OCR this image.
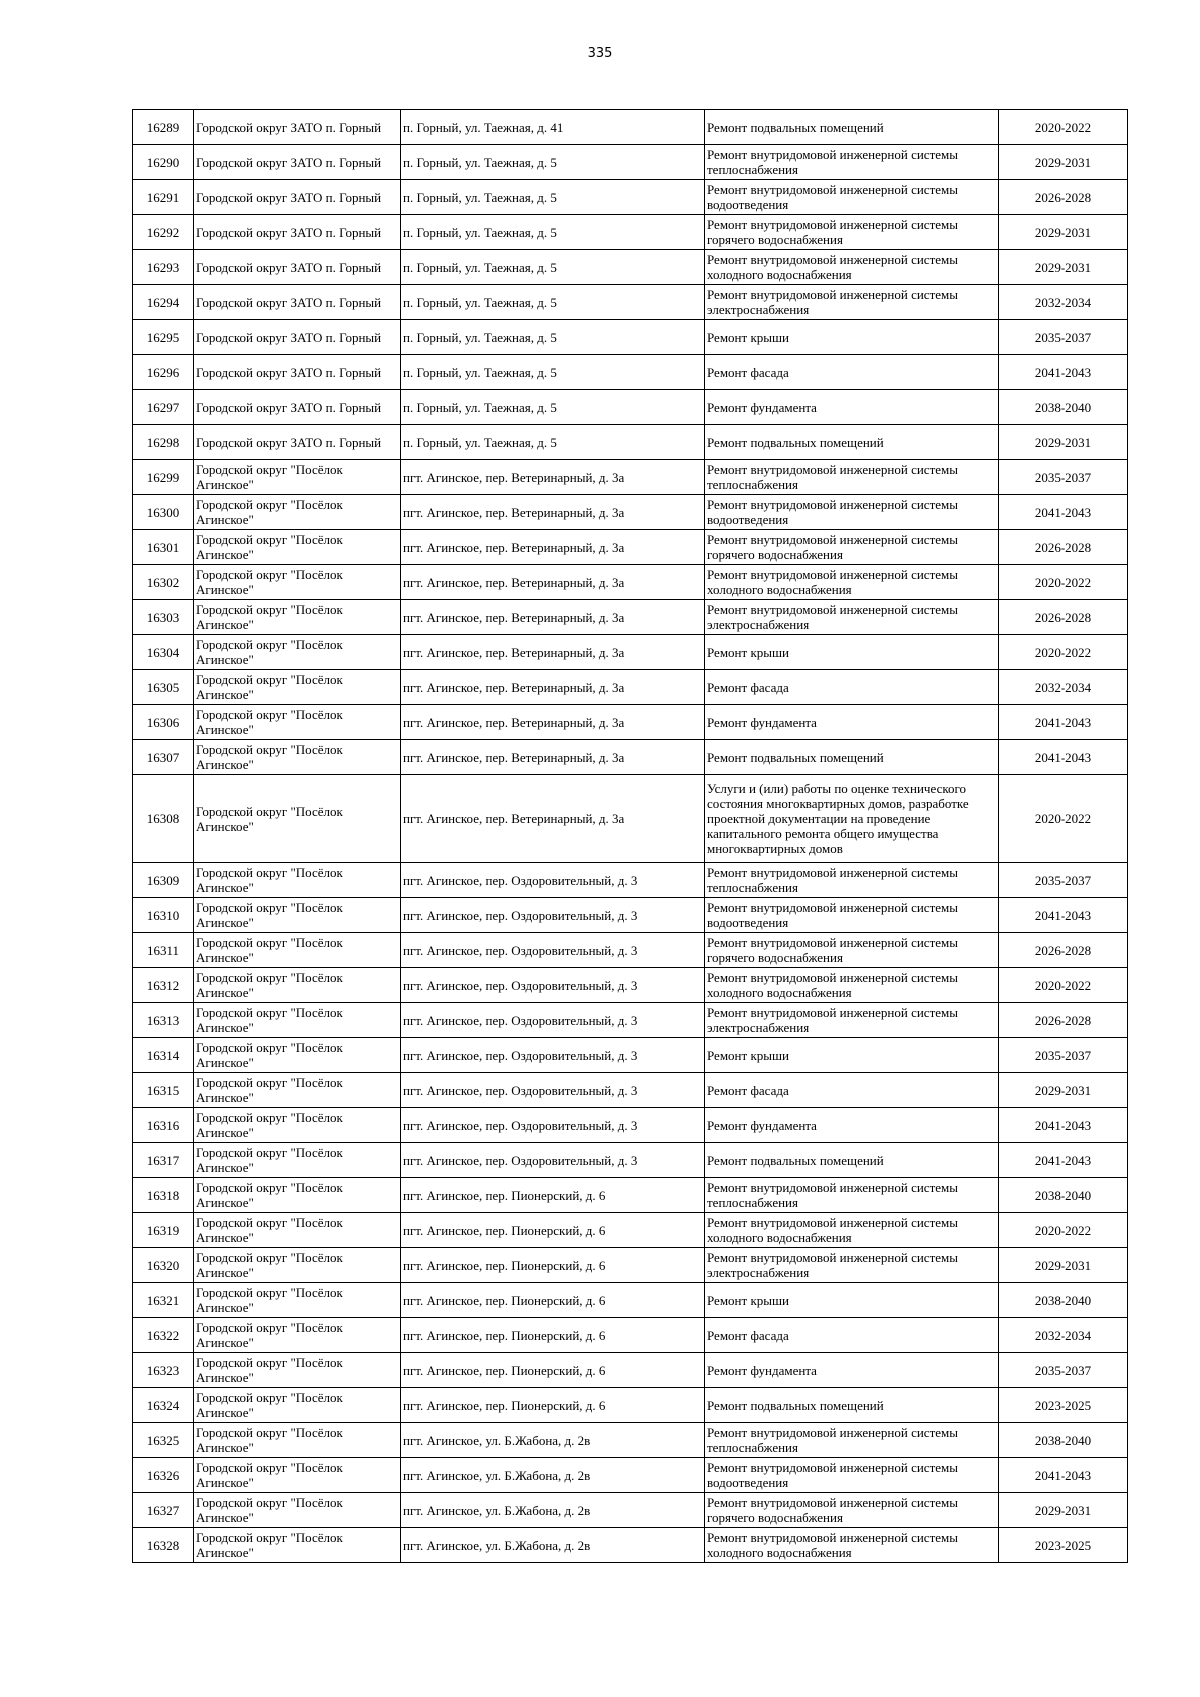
335
16289	Городской округ ЗАТО п. Горный	п. Горный, ул. Таежная, д. 41	Ремонт подвальных помещений	2020-2022
16290	Городской округ ЗАТО п. Горный	п. Горный, ул. Таежная, д. 5	Ремонт внутридомовой инженерной системы теплоснабжения	2029-2031
16291	Городской округ ЗАТО п. Горный	п. Горный, ул. Таежная, д. 5	Ремонт внутридомовой инженерной системы водоотведения	2026-2028
16292	Городской округ ЗАТО п. Горный	п. Горный, ул. Таежная, д. 5	Ремонт внутридомовой инженерной системы горячего водоснабжения	2029-2031
16293	Городской округ ЗАТО п. Горный	п. Горный, ул. Таежная, д. 5	Ремонт внутридомовой инженерной системы холодного водоснабжения	2029-2031
16294	Городской округ ЗАТО п. Горный	п. Горный, ул. Таежная, д. 5	Ремонт внутридомовой инженерной системы электроснабжения	2032-2034
16295	Городской округ ЗАТО п. Горный	п. Горный, ул. Таежная, д. 5	Ремонт крыши	2035-2037
16296	Городской округ ЗАТО п. Горный	п. Горный, ул. Таежная, д. 5	Ремонт фасада	2041-2043
16297	Городской округ ЗАТО п. Горный	п. Горный, ул. Таежная, д. 5	Ремонт фундамента	2038-2040
16298	Городской округ ЗАТО п. Горный	п. Горный, ул. Таежная, д. 5	Ремонт подвальных помещений	2029-2031
16299	Городской округ "Посёлок Агинское"	пгт. Агинское, пер. Ветеринарный, д. 3а	Ремонт внутридомовой инженерной системы теплоснабжения	2035-2037
16300	Городской округ "Посёлок Агинское"	пгт. Агинское, пер. Ветеринарный, д. 3а	Ремонт внутридомовой инженерной системы водоотведения	2041-2043
16301	Городской округ "Посёлок Агинское"	пгт. Агинское, пер. Ветеринарный, д. 3а	Ремонт внутридомовой инженерной системы горячего водоснабжения	2026-2028
16302	Городской округ "Посёлок Агинское"	пгт. Агинское, пер. Ветеринарный, д. 3а	Ремонт внутридомовой инженерной системы холодного водоснабжения	2020-2022
16303	Городской округ "Посёлок Агинское"	пгт. Агинское, пер. Ветеринарный, д. 3а	Ремонт внутридомовой инженерной системы электроснабжения	2026-2028
16304	Городской округ "Посёлок Агинское"	пгт. Агинское, пер. Ветеринарный, д. 3а	Ремонт крыши	2020-2022
16305	Городской округ "Посёлок Агинское"	пгт. Агинское, пер. Ветеринарный, д. 3а	Ремонт фасада	2032-2034
16306	Городской округ "Посёлок Агинское"	пгт. Агинское, пер. Ветеринарный, д. 3а	Ремонт фундамента	2041-2043
16307	Городской округ "Посёлок Агинское"	пгт. Агинское, пер. Ветеринарный, д. 3а	Ремонт подвальных помещений	2041-2043
16308	Городской округ "Посёлок Агинское"	пгт. Агинское, пер. Ветеринарный, д. 3а	Услуги и (или) работы по оценке технического состояния многоквартирных домов, разработке проектной документации на проведение капитального ремонта общего имущества многоквартирных домов	2020-2022
16309	Городской округ "Посёлок Агинское"	пгт. Агинское, пер. Оздоровительный, д. 3	Ремонт внутридомовой инженерной системы теплоснабжения	2035-2037
16310	Городской округ "Посёлок Агинское"	пгт. Агинское, пер. Оздоровительный, д. 3	Ремонт внутридомовой инженерной системы водоотведения	2041-2043
16311	Городской округ "Посёлок Агинское"	пгт. Агинское, пер. Оздоровительный, д. 3	Ремонт внутридомовой инженерной системы горячего водоснабжения	2026-2028
16312	Городской округ "Посёлок Агинское"	пгт. Агинское, пер. Оздоровительный, д. 3	Ремонт внутридомовой инженерной системы холодного водоснабжения	2020-2022
16313	Городской округ "Посёлок Агинское"	пгт. Агинское, пер. Оздоровительный, д. 3	Ремонт внутридомовой инженерной системы электроснабжения	2026-2028
16314	Городской округ "Посёлок Агинское"	пгт. Агинское, пер. Оздоровительный, д. 3	Ремонт крыши	2035-2037
16315	Городской округ "Посёлок Агинское"	пгт. Агинское, пер. Оздоровительный, д. 3	Ремонт фасада	2029-2031
16316	Городской округ "Посёлок Агинское"	пгт. Агинское, пер. Оздоровительный, д. 3	Ремонт фундамента	2041-2043
16317	Городской округ "Посёлок Агинское"	пгт. Агинское, пер. Оздоровительный, д. 3	Ремонт подвальных помещений	2041-2043
16318	Городской округ "Посёлок Агинское"	пгт. Агинское, пер. Пионерский, д. 6	Ремонт внутридомовой инженерной системы теплоснабжения	2038-2040
16319	Городской округ "Посёлок Агинское"	пгт. Агинское, пер. Пионерский, д. 6	Ремонт внутридомовой инженерной системы холодного водоснабжения	2020-2022
16320	Городской округ "Посёлок Агинское"	пгт. Агинское, пер. Пионерский, д. 6	Ремонт внутридомовой инженерной системы электроснабжения	2029-2031
16321	Городской округ "Посёлок Агинское"	пгт. Агинское, пер. Пионерский, д. 6	Ремонт крыши	2038-2040
16322	Городской округ "Посёлок Агинское"	пгт. Агинское, пер. Пионерский, д. 6	Ремонт фасада	2032-2034
16323	Городской округ "Посёлок Агинское"	пгт. Агинское, пер. Пионерский, д. 6	Ремонт фундамента	2035-2037
16324	Городской округ "Посёлок Агинское"	пгт. Агинское, пер. Пионерский, д. 6	Ремонт подвальных помещений	2023-2025
16325	Городской округ "Посёлок Агинское"	пгт. Агинское, ул. Б.Жабона, д. 2в	Ремонт внутридомовой инженерной системы теплоснабжения	2038-2040
16326	Городской округ "Посёлок Агинское"	пгт. Агинское, ул. Б.Жабона, д. 2в	Ремонт внутридомовой инженерной системы водоотведения	2041-2043
16327	Городской округ "Посёлок Агинское"	пгт. Агинское, ул. Б.Жабона, д. 2в	Ремонт внутридомовой инженерной системы горячего водоснабжения	2029-2031
16328	Городской округ "Посёлок Агинское"	пгт. Агинское, ул. Б.Жабона, д. 2в	Ремонт внутридомовой инженерной системы холодного водоснабжения	2023-2025
